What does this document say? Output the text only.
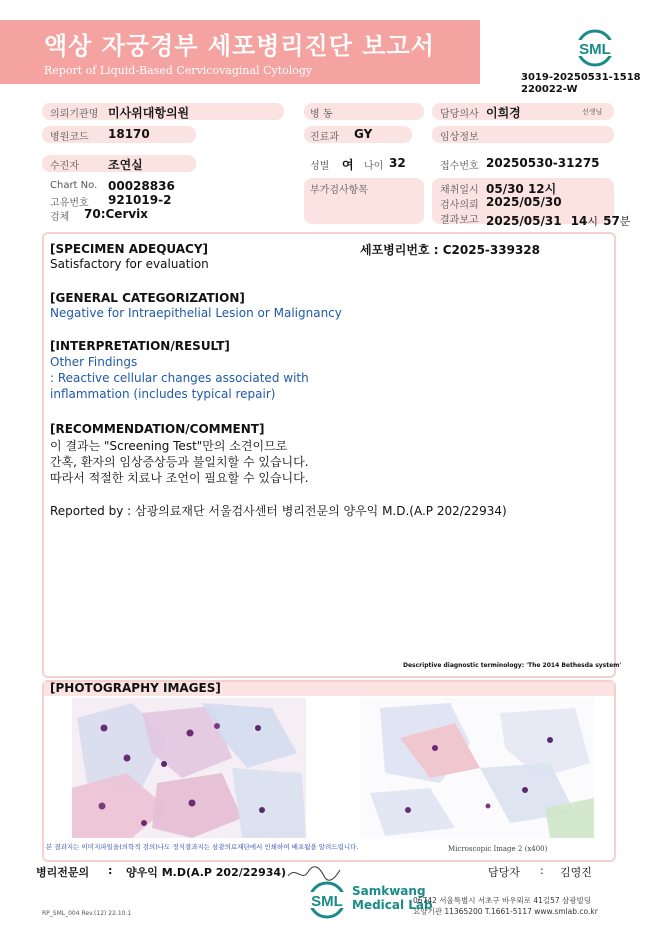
액상 자궁경부 세포병리진단 보고서
Report of Liquid-Based Cervicovaginal Cytology
SML
3019-20250531-1518
220022-W
의뢰기관명 미사위대항의원	병 동	담당의사 이희경	선생님
병원코드 18170	진료과 GY	임상정보
수진자 조연실	성별 여 나이 32	접수번호 20250530-31275
Chart No. 00028836
고유번호 921019-2
검체 70:Cervix
부가검사항목	채취일시 05/30 12시
검사의뢰 2025/05/30
결과보고 2025/05/31 14시 57분
[SPECIMEN ADEQUACY]	세포병리번호 : C2025-339328
Satisfactory for evaluation
[GENERAL CATEGORIZATION]
Negative for Intraepithelial Lesion or Malignancy
[INTERPRETATION/RESULT]
Other Findings
: Reactive cellular changes associated with
inflammation (includes typical repair)
[RECOMMENDATION/COMMENT]
이 결과는 "Screening Test"만의 소견이므로
간혹, 환자의 임상증상등과 불일치할 수 있습니다.
따라서 적절한 치료나 조언이 필요할 수 있습니다.
Reported by : 삼광의료재단 서울검사센터 병리전문의 양우익 M.D.(A.P 202/22934)
Descriptive diagnostic terminology: 'The 2014 Bethesda system'
[PHOTOGRAPHY IMAGES]
본 결과지는 이미지파일을(의학적 검의)나도 정식결과지는 삼광의료재단에서 인쇄하여 배포됨을 알려드립니다.	Microscopic Image 2 (x400)
병리전문의 : 양우익 M.D(A.P 202/22934)	담당자 : 김영진
SML
Samkwang
Medical Lab
06742 서울특별시 서초구 바우뫼로 41길57 삼광빌딩
요양기관 11365200 T.1661-5117 www.smlab.co.kr
RP_SML_004 Rev.(12) 22.10.1
